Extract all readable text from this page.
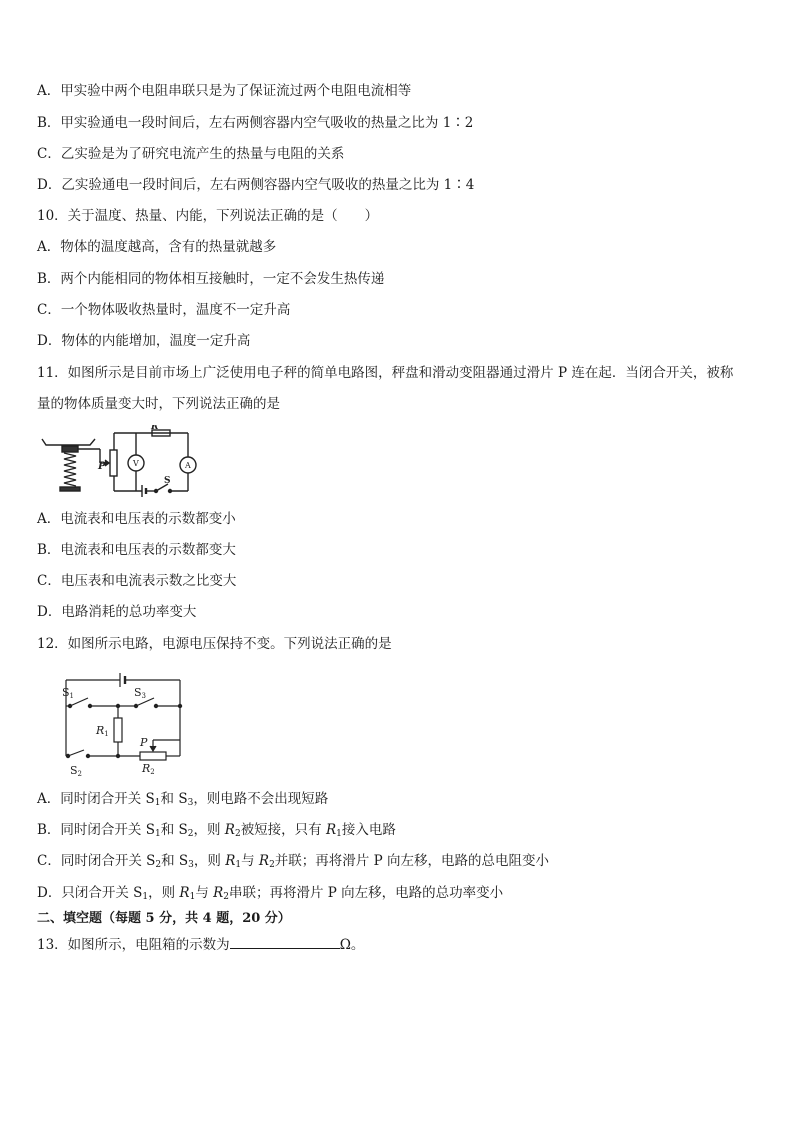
A．甲实验中两个电阻串联只是为了保证流过两个电阻电流相等
B．甲实验通电一段时间后，左右两侧容器内空气吸收的热量之比为 1∶2
C．乙实验是为了研究电流产生的热量与电阻的关系
D．乙实验通电一段时间后，左右两侧容器内空气吸收的热量之比为 1∶4
10．关于温度、热量、内能，下列说法正确的是（　　）
A．物体的温度越高，含有的热量就越多
B．两个内能相同的物体相互接触时，一定不会发生热传递
C．一个物体吸收热量时，温度不一定升高
D．物体的内能增加，温度一定升高
11．如图所示是目前市场上广泛使用电子秤的简单电路图，秤盘和滑动变阻器通过滑片 P 连在起．当闭合开关，被称
量的物体质量变大时，下列说法正确的是
P
R
V	A
S
A．电流表和电压表的示数都变小
B．电流表和电压表的示数都变大
C．电压表和电流表示数之比变大
D．电路消耗的总功率变大
12．如图所示电路，电源电压保持不变。下列说法正确的是
S1	S3
R1
P
S2	R2
A．同时闭合开关 $S_1$和 $S_3$，则电路不会出现短路
B．同时闭合开关 $S_1$和 $S_2$，则 $R_2$被短接，只有 $R_1$接入电路
C．同时闭合开关 $S_2$和 $S_3$，则 $R_1$与 $R_2$并联；再将滑片 P 向左移，电路的总电阻变小
D．只闭合开关 $S_1$，则 $R_1$与 $R_2$串联；再将滑片 P 向左移，电路的总功率变小
二、填空题（每题 5 分，共 4 题，20 分）
13．如图所示，电阻箱的示数为	Ω。
